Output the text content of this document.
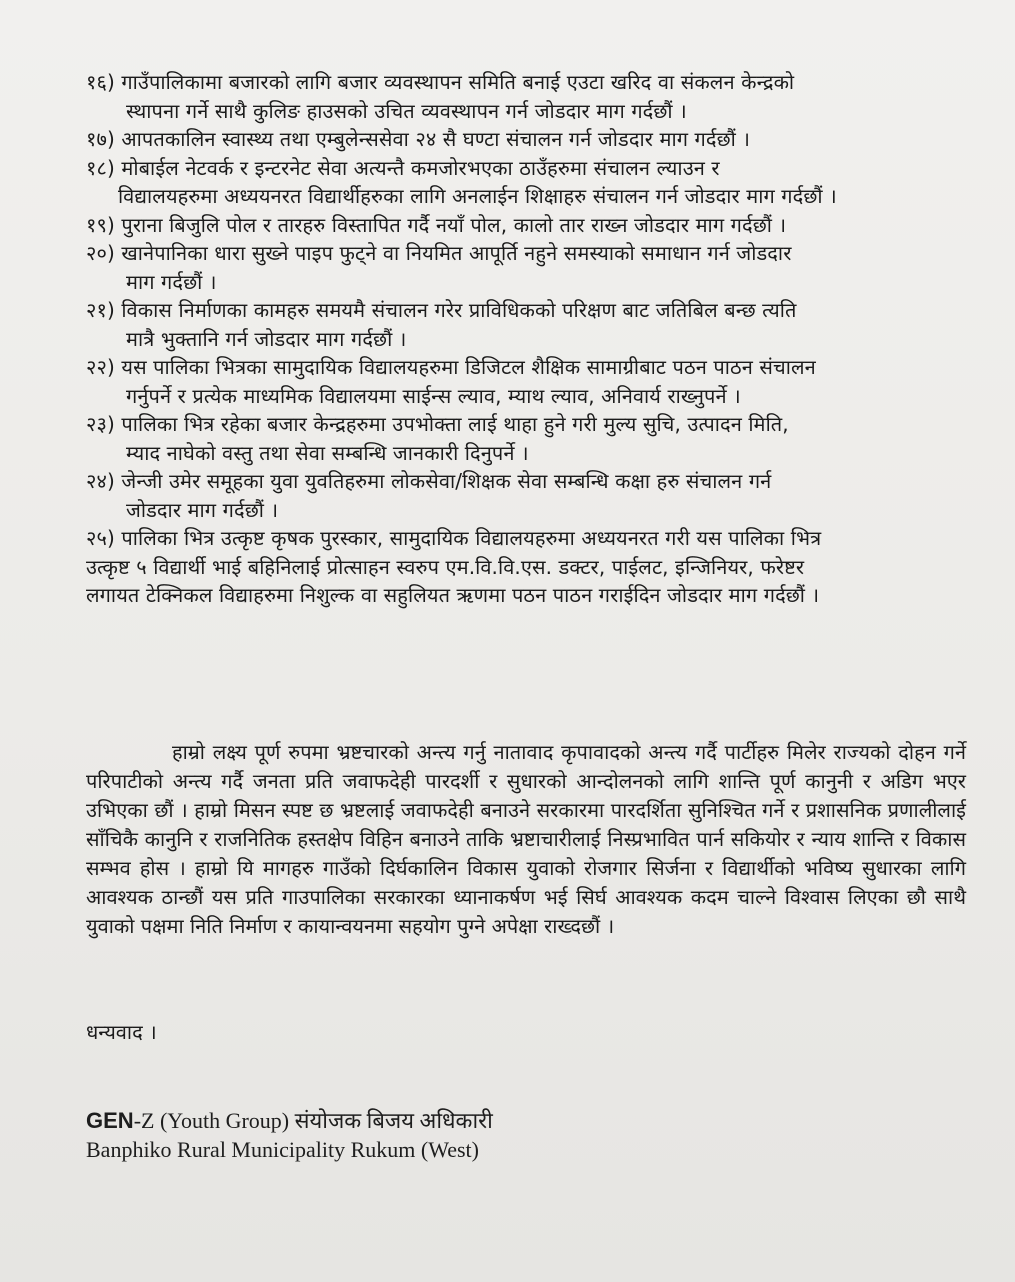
१६) गाउँपालिकामा बजारको लागि बजार व्यवस्थापन समिति बनाई एउटा खरिद वा संकलन केन्द्रको
स्थापना गर्ने साथै कुलिङ हाउसको उचित व्यवस्थापन गर्न जोडदार माग गर्दछौं ।
१७) आपतकालिन स्वास्थ्य तथा एम्बुलेन्ससेवा २४ सै घण्टा संचालन गर्न जोडदार माग गर्दछौं ।
१८) मोबाईल नेटवर्क र इन्टरनेट सेवा अत्यन्तै कमजोरभएका ठाउँहरुमा संचालन ल्याउन र
विद्यालयहरुमा अध्ययनरत विद्यार्थीहरुका लागि अनलाईन शिक्षाहरु संचालन गर्न जोडदार माग गर्दछौं ।
१९) पुराना बिजुलि पोल र तारहरु विस्तापित गर्दै नयाँ पोल, कालो तार राख्न जोडदार माग गर्दछौं ।
२०) खानेपानिका धारा सुख्ने पाइप फुट्ने वा नियमित आपूर्ति नहुने समस्याको समाधान गर्न जोडदार
माग गर्दछौं ।
२१) विकास निर्माणका कामहरु समयमै संचालन गरेर प्राविधिकको परिक्षण बाट जतिबिल बन्छ त्यति
मात्रै भुक्तानि गर्न जोडदार माग गर्दछौं ।
२२) यस पालिका भित्रका सामुदायिक विद्यालयहरुमा डिजिटल शैक्षिक सामाग्रीबाट पठन पाठन संचालन
गर्नुपर्ने र प्रत्येक माध्यमिक विद्यालयमा साईन्स ल्याव, म्याथ ल्याव, अनिवार्य राख्नुपर्ने ।
२३) पालिका भित्र रहेका बजार केन्द्रहरुमा उपभोक्ता लाई थाहा हुने गरी मुल्य सुचि, उत्पादन मिति,
म्याद नाघेको वस्तु तथा सेवा सम्बन्धि जानकारी दिनुपर्ने ।
२४) जेन्जी उमेर समूहका युवा युवतिहरुमा लोकसेवा/शिक्षक सेवा सम्बन्धि कक्षा हरु संचालन गर्न
जोडदार माग गर्दछौं ।
२५) पालिका भित्र उत्कृष्ट कृषक पुरस्कार, सामुदायिक विद्यालयहरुमा अध्ययनरत गरी यस पालिका भित्र
उत्कृष्ट ५ विद्यार्थी भाई बहिनिलाई प्रोत्साहन स्वरुप एम.वि.वि.एस. डक्टर, पाईलट, इन्जिनियर, फरेष्टर
लगायत टेक्निकल विद्याहरुमा निशुल्क वा सहुलियत ऋणमा पठन पाठन गराईदिन जोडदार माग गर्दछौं ।

हाम्रो लक्ष्य पूर्ण रुपमा भ्रष्टचारको अन्त्य गर्नु नातावाद कृपावादको अन्त्य गर्दै पार्टीहरु मिलेर राज्यको दोहन गर्ने परिपाटीको अन्त्य गर्दै जनता प्रति जवाफदेही पारदर्शी र सुधारको आन्दोलनको लागि शान्ति पूर्ण कानुनी र अडिग भएर उभिएका छौं । हाम्रो मिसन स्पष्ट छ भ्रष्टलाई जवाफदेही बनाउने सरकारमा पारदर्शिता सुनिश्चित गर्ने र प्रशासनिक प्रणालीलाई साँचिकै कानुनि र राजनितिक हस्तक्षेप विहिन बनाउने ताकि भ्रष्टाचारीलाई निस्प्रभावित पार्न सकियोर र न्याय शान्ति र विकास सम्भव होस । हाम्रो यि मागहरु गाउँको दिर्घकालिन विकास युवाको रोजगार सिर्जना र विद्यार्थीको भविष्य सुधारका लागि आवश्यक ठान्छौं यस प्रति गाउपालिका सरकारका ध्यानाकर्षण भई सिर्घ आवश्यक कदम चाल्ने विश्वास लिएका छौ साथै युवाको पक्षमा निति निर्माण र कायान्वयनमा सहयोग पुग्ने अपेक्षा राख्दछौं ।

धन्यवाद ।

GEN-Z (Youth Group) संयोजक बिजय अधिकारी
Banphiko Rural Municipality Rukum (West)
